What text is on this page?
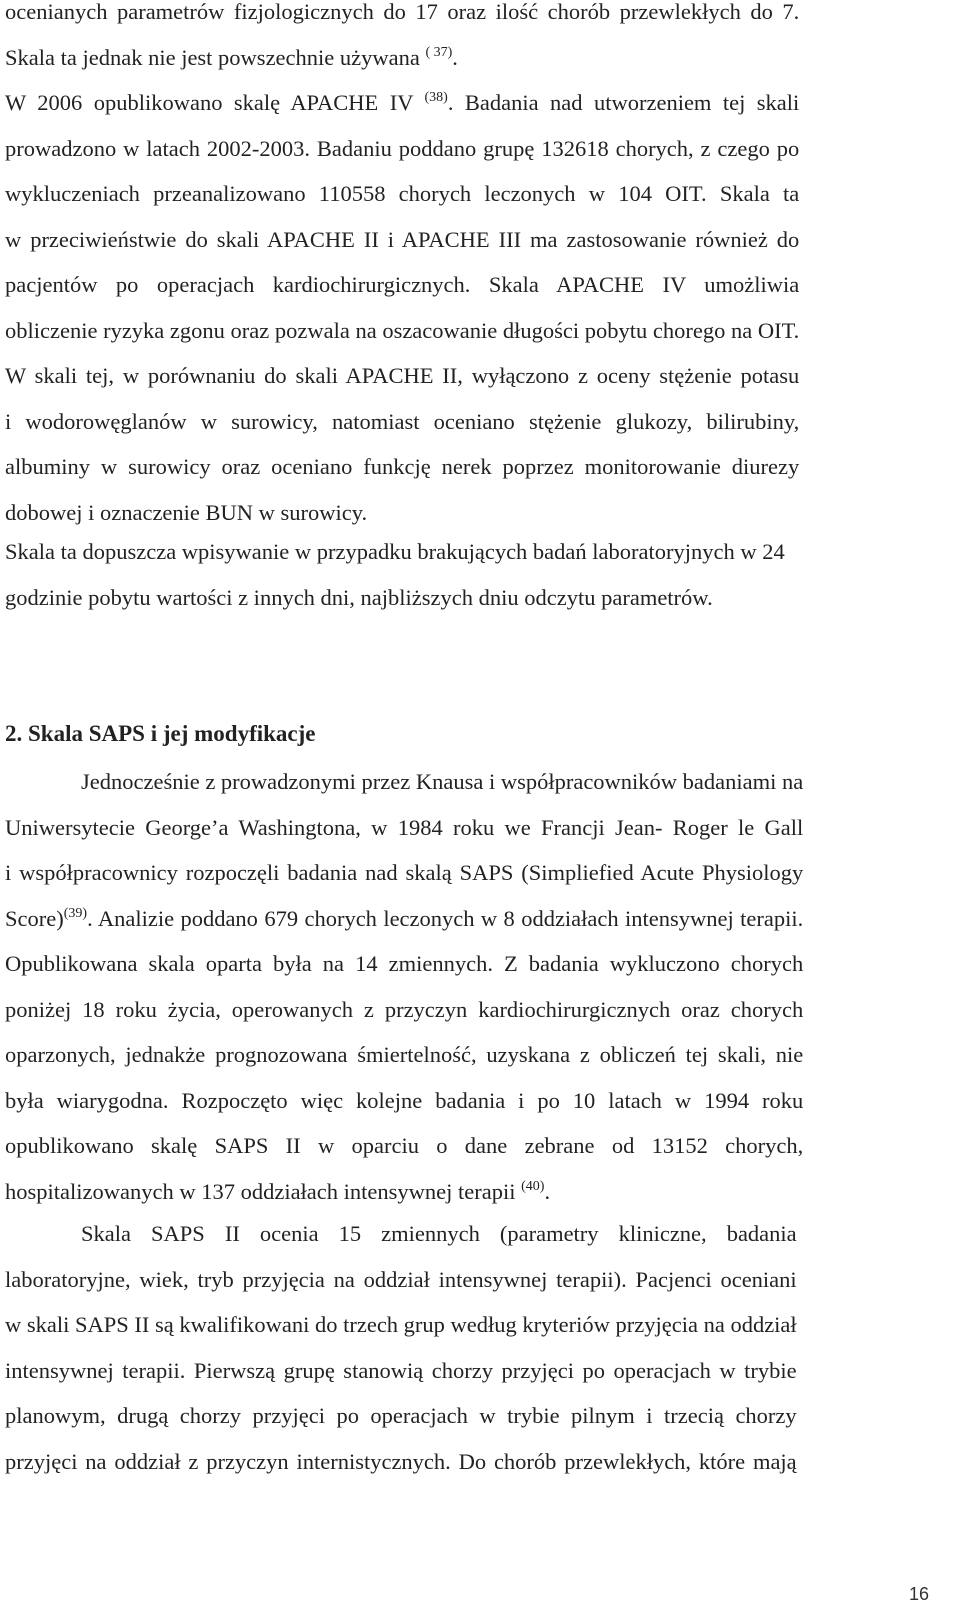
ocenianych parametrów fizjologicznych do 17 oraz ilość chorób przewlekłych do 7.
Skala ta jednak nie jest powszechnie używana $^{( 37)}$.
W 2006 opublikowano skalę APACHE IV $^{(38)}$. Badania nad utworzeniem tej skali
prowadzono w latach 2002-2003. Badaniu poddano grupę 132618 chorych, z czego po
wykluczeniach przeanalizowano 110558 chorych leczonych w 104 OIT. Skala ta
w przeciwieństwie do skali APACHE II i APACHE III ma zastosowanie również do
pacjentów po operacjach kardiochirurgicznych. Skala APACHE IV umożliwia
obliczenie ryzyka zgonu oraz pozwala na oszacowanie długości pobytu chorego na OIT.
W skali tej, w porównaniu do skali APACHE II, wyłączono z oceny stężenie potasu
i wodorowęglanów w surowicy, natomiast oceniano stężenie glukozy, bilirubiny,
albuminy w surowicy oraz oceniano funkcję nerek poprzez monitorowanie diurezy
dobowej i oznaczenie BUN w surowicy.
Skala ta dopuszcza wpisywanie w przypadku brakujących badań laboratoryjnych w 24
godzinie pobytu wartości z innych dni, najbliższych dniu odczytu parametrów.
2. Skala SAPS i jej modyfikacje
Jednocześnie z prowadzonymi przez Knausa i współpracowników badaniami na
Uniwersytecie George’a Washingtona, w 1984 roku we Francji Jean- Roger le Gall
i współpracownicy rozpoczęli badania nad skalą SAPS (Simpliefied Acute Physiology
Score)$^{(39)}$. Analizie poddano 679 chorych leczonych w 8 oddziałach intensywnej terapii.
Opublikowana skala oparta była na 14 zmiennych. Z badania wykluczono chorych
poniżej 18 roku życia, operowanych z przyczyn kardiochirurgicznych oraz chorych
oparzonych, jednakże prognozowana śmiertelność, uzyskana z obliczeń tej skali, nie
była wiarygodna. Rozpoczęto więc kolejne badania i po 10 latach w 1994 roku
opublikowano skalę SAPS II w oparciu o dane zebrane od 13152 chorych,
hospitalizowanych w 137 oddziałach intensywnej terapii $^{(40)}$.
Skala SAPS II ocenia 15 zmiennych (parametry kliniczne, badania
laboratoryjne, wiek, tryb przyjęcia na oddział intensywnej terapii). Pacjenci oceniani
w skali SAPS II są kwalifikowani do trzech grup według kryteriów przyjęcia na oddział
intensywnej terapii. Pierwszą grupę stanowią chorzy przyjęci po operacjach w trybie
planowym, drugą chorzy przyjęci po operacjach w trybie pilnym i trzecią chorzy
przyjęci na oddział z przyczyn internistycznych. Do chorób przewlekłych, które mają
16
